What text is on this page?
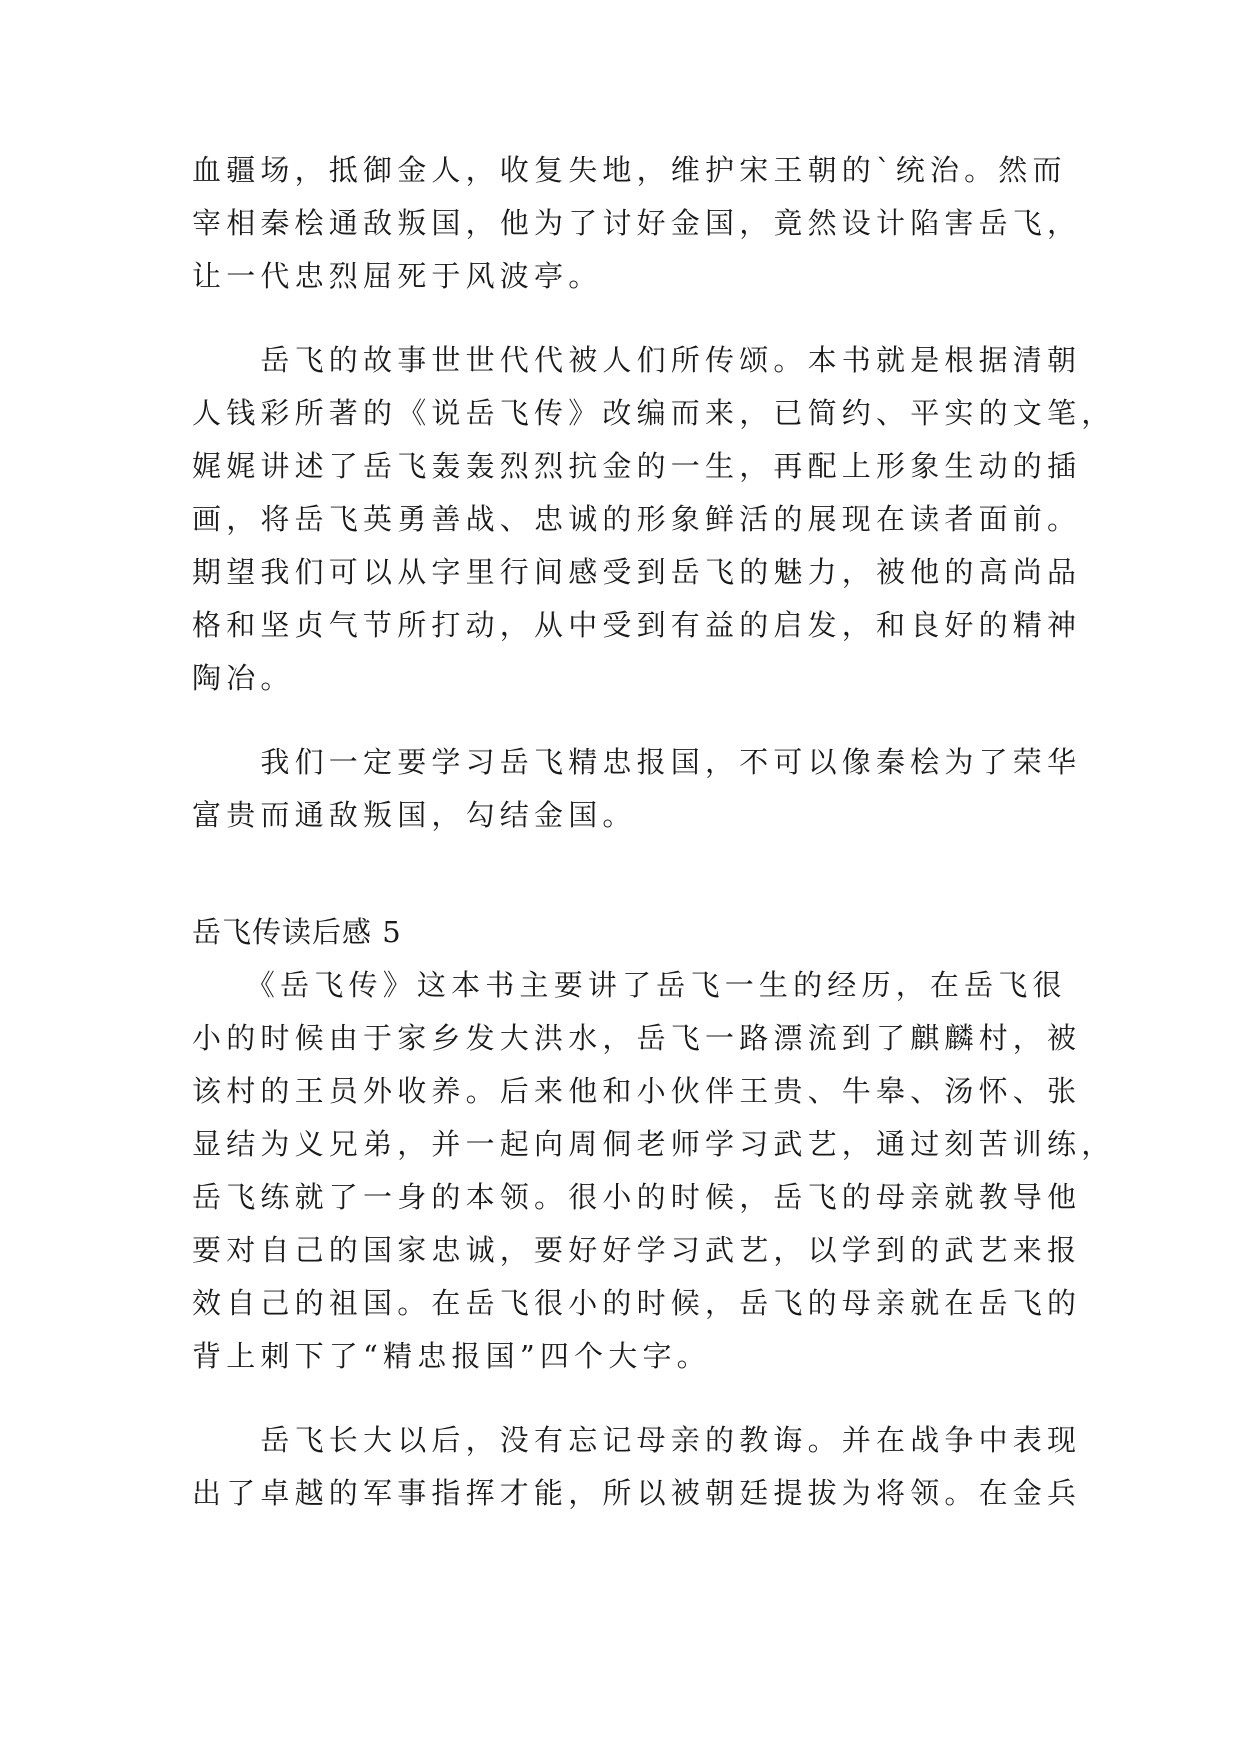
血疆场，抵御金人，收复失地，维护宋王朝的`统治。然而
宰相秦桧通敌叛国，他为了讨好金国，竟然设计陷害岳飞，
让一代忠烈屈死于风波亭。
　　岳飞的故事世世代代被人们所传颂。本书就是根据清朝
人钱彩所著的《说岳飞传》改编而来，已简约、平实的文笔，
娓娓讲述了岳飞轰轰烈烈抗金的一生，再配上形象生动的插
画，将岳飞英勇善战、忠诚的形象鲜活的展现在读者面前。
期望我们可以从字里行间感受到岳飞的魅力，被他的高尚品
格和坚贞气节所打动，从中受到有益的启发，和良好的精神
陶冶。
　　我们一定要学习岳飞精忠报国，不可以像秦桧为了荣华
富贵而通敌叛国，勾结金国。
岳飞传读后感 5
　　《岳飞传》这本书主要讲了岳飞一生的经历，在岳飞很
小的时候由于家乡发大洪水，岳飞一路漂流到了麒麟村，被
该村的王员外收养。后来他和小伙伴王贵、牛皋、汤怀、张
显结为义兄弟，并一起向周侗老师学习武艺，通过刻苦训练，
岳飞练就了一身的本领。很小的时候，岳飞的母亲就教导他
要对自己的国家忠诚，要好好学习武艺，以学到的武艺来报
效自己的祖国。在岳飞很小的时候，岳飞的母亲就在岳飞的
背上刺下了“精忠报国”四个大字。
　　岳飞长大以后，没有忘记母亲的教诲。并在战争中表现
出了卓越的军事指挥才能，所以被朝廷提拔为将领。在金兵
